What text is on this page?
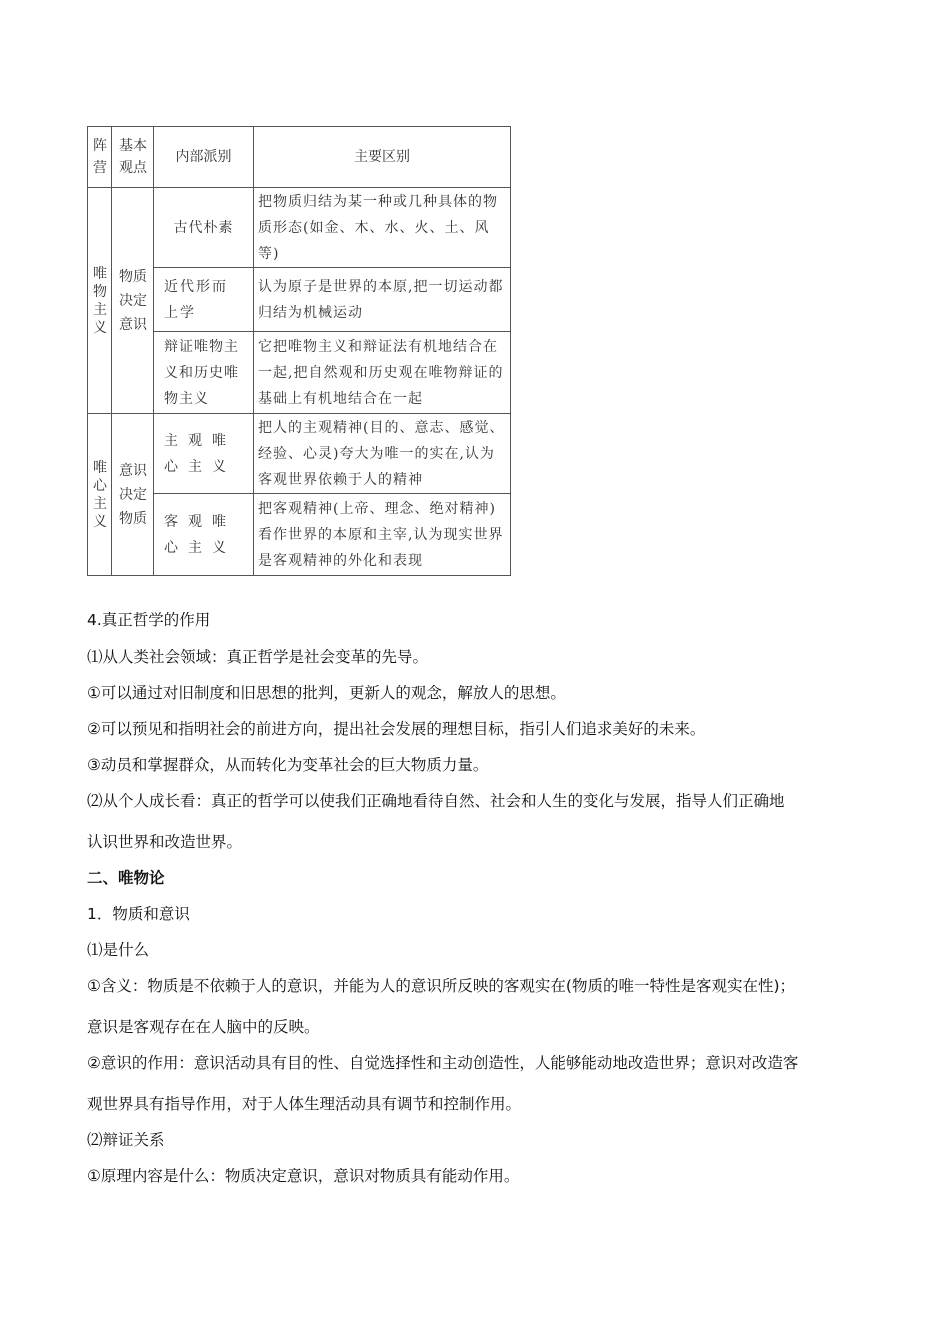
阵营	基本观点	内部派别	主要区别
唯物主义	物质决定意识	古代朴素	把物质归结为某一种或几种具体的物质形态(如金、木、水、火、土、风等)
		近代形而上学	认为原子是世界的本原,把一切运动都归结为机械运动
		辩证唯物主义和历史唯物主义	它把唯物主义和辩证法有机地结合在一起,把自然观和历史观在唯物辩证的基础上有机地结合在一起
唯心主义	意识决定物质	主观唯心主义	把人的主观精神(目的、意志、感觉、经验、心灵)夸大为唯一的实在,认为客观世界依赖于人的精神
		客观唯心主义	把客观精神(上帝、理念、绝对精神)看作世界的本原和主宰,认为现实世界是客观精神的外化和表现

4.真正哲学的作用

⑴从人类社会领域：真正哲学是社会变革的先导。

①可以通过对旧制度和旧思想的批判，更新人的观念，解放人的思想。

②可以预见和指明社会的前进方向，提出社会发展的理想目标，指引人们追求美好的未来。

③动员和掌握群众，从而转化为变革社会的巨大物质力量。

⑵从个人成长看：真正的哲学可以使我们正确地看待自然、社会和人生的变化与发展，指导人们正确地

认识世界和改造世界。

二、唯物论

1．物质和意识

⑴是什么

①含义：物质是不依赖于人的意识，并能为人的意识所反映的客观实在(物质的唯一特性是客观实在性)；

意识是客观存在在人脑中的反映。

②意识的作用：意识活动具有目的性、自觉选择性和主动创造性，人能够能动地改造世界；意识对改造客

观世界具有指导作用，对于人体生理活动具有调节和控制作用。

⑵辩证关系

①原理内容是什么：物质决定意识，意识对物质具有能动作用。
